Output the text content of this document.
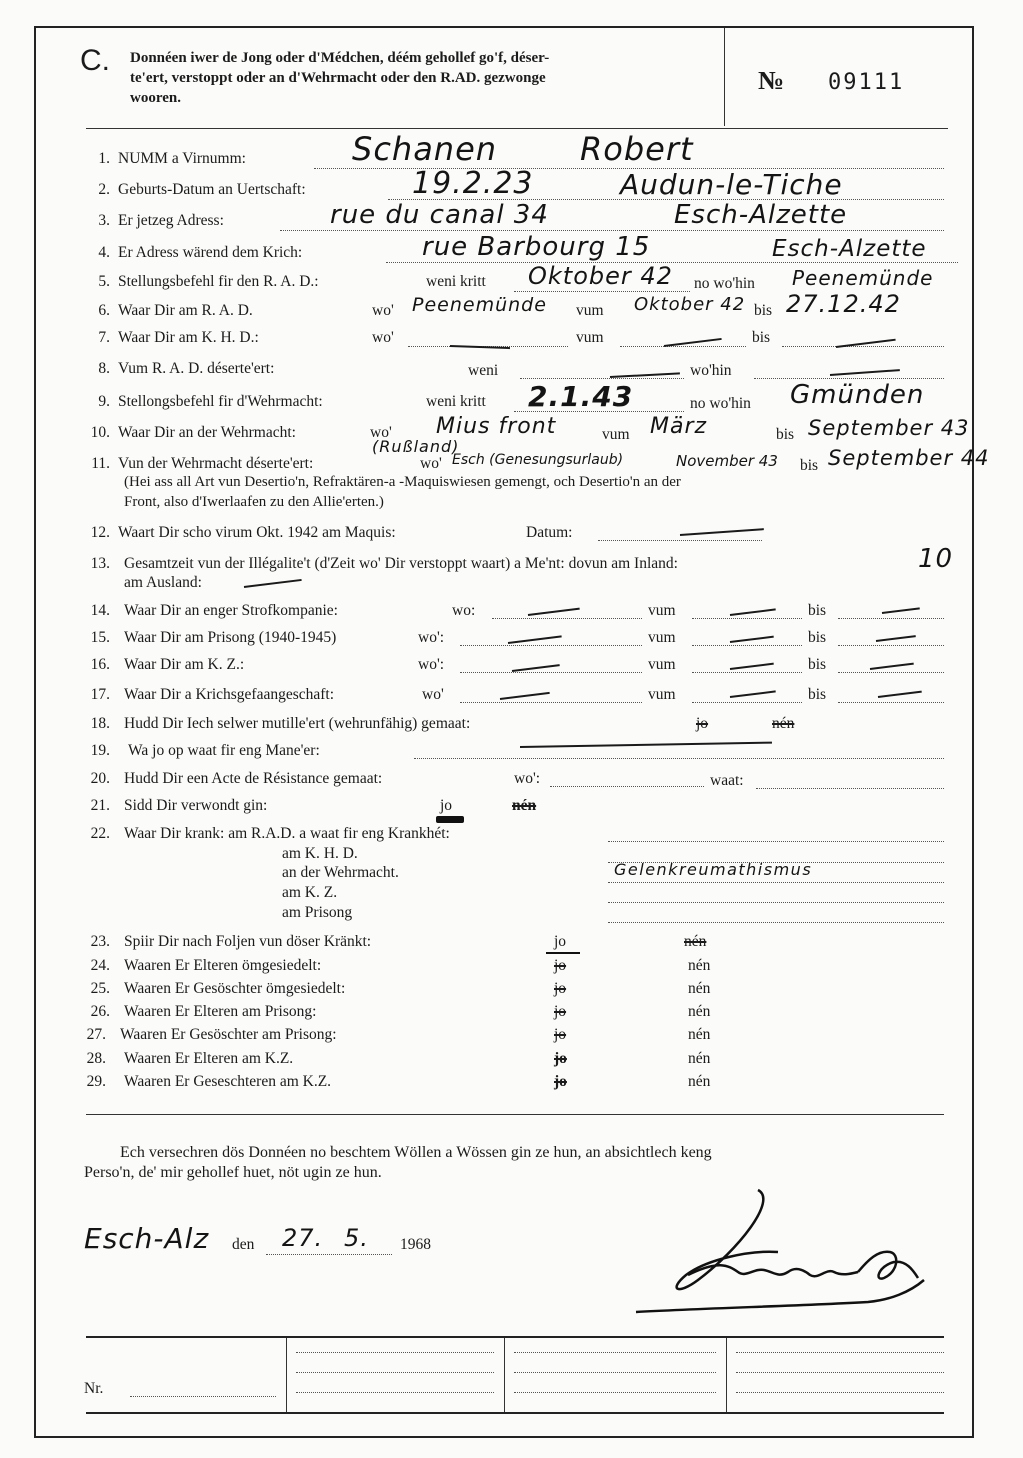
C. Donnéen iwer de Jong oder d'Médchen, déém gehollef go'f, déser-
te'ert, verstoppt oder an d'Wehrmacht oder den R.AD. gezwonge
wooren.
№ 09111
1. NUMM a Virnumm:	Schanen	Robert
2. Geburts-Datum an Uertschaft:	19.2.23	Audun-le-Tiche
3. Er jetzeg Adress:	rue du canal 34	Esch-Alzette
4. Er Adress wärend dem Krich:	rue Barbourg 15	Esch-Alzette
5. Stellungsbefehl fir den R. A. D.:	weni kritt Oktober 42 no wo'hin Peenemünde
6. Waar Dir am R. A. D.	wo' Peenemünde vum Oktober 42 bis 27.12.42
7. Waar Dir am K. H. D.:	wo'	vum	bis
8. Vum R. A. D. déserte'ert:	weni	wo'hin
9. Stellongsbefehl fir d'Wehrmacht:	weni kritt 2.1.43	no wo'hin Gmünden
10. Waar Dir an der Wehrmacht:	wo' Mius front	vum März	bis September 43
(Rußland)
11. Vun der Wehrmacht déserte'ert:	wo' Esch (Genesungsurlaub)	November 43 bis September 44
(Hei ass all Art vun Desertio'n, Refraktären-a -Maquiswiesen gemengt, och Desertio'n an der
Front, also d'Iwerlaafen zu den Allie'erten.)
12. Waart Dir scho virum Okt. 1942 am Maquis:	Datum:
13. Gesamtzeit vun der Illégalite't (d'Zeit wo' Dir verstoppt waart) a Me'nt: dovun am Inland:	10
am Ausland:
14. Waar Dir an enger Strofkompanie:	wo:	vum	bis
15. Waar Dir am Prisong (1940-1945)	wo':	vum	bis
16. Waar Dir am K. Z.:	wo':	vum	bis
17. Waar Dir a Krichsgefaangeschaft:	wo'	vum	bis
18. Hudd Dir Iech selwer mutille'ert (wehrunfähig) gemaat:	jo	nén
19. Wa jo op waat fir eng Mane'er:
20. Hudd Dir een Acte de Résistance gemaat:	wo':	waat:
21. Sidd Dir verwondt gin:	jo	nén
22. Waar Dir krank: am R.A.D. a waat fir eng Krankhét:
am K. H. D.
an der Wehrmacht.	Gelenkreumathismus
am K. Z.
am Prisong
23. Spiir Dir nach Foljen vun döser Kränkt:	jo	nén
24. Waaren Er Elteren ömgesiedelt:	jo	nén
25. Waaren Er Gesöschter ömgesiedelt:	jo	nén
26. Waaren Er Elteren am Prisong:	jo	nén
27. Waaren Er Gesöschter am Prisong:	jo	nén
28. Waaren Er Elteren am K.Z.	jo	nén
29. Waaren Er Geseschteren am K.Z.	jo	nén
Ech versechren dös Donnéen no beschtem Wöllen a Wössen gin ze hun, an absichtlech keng
Perso'n, de' mir gehollef huet, nöt ugin ze hun.
Esch-Alz den 27. 5. 1968
Nr.
